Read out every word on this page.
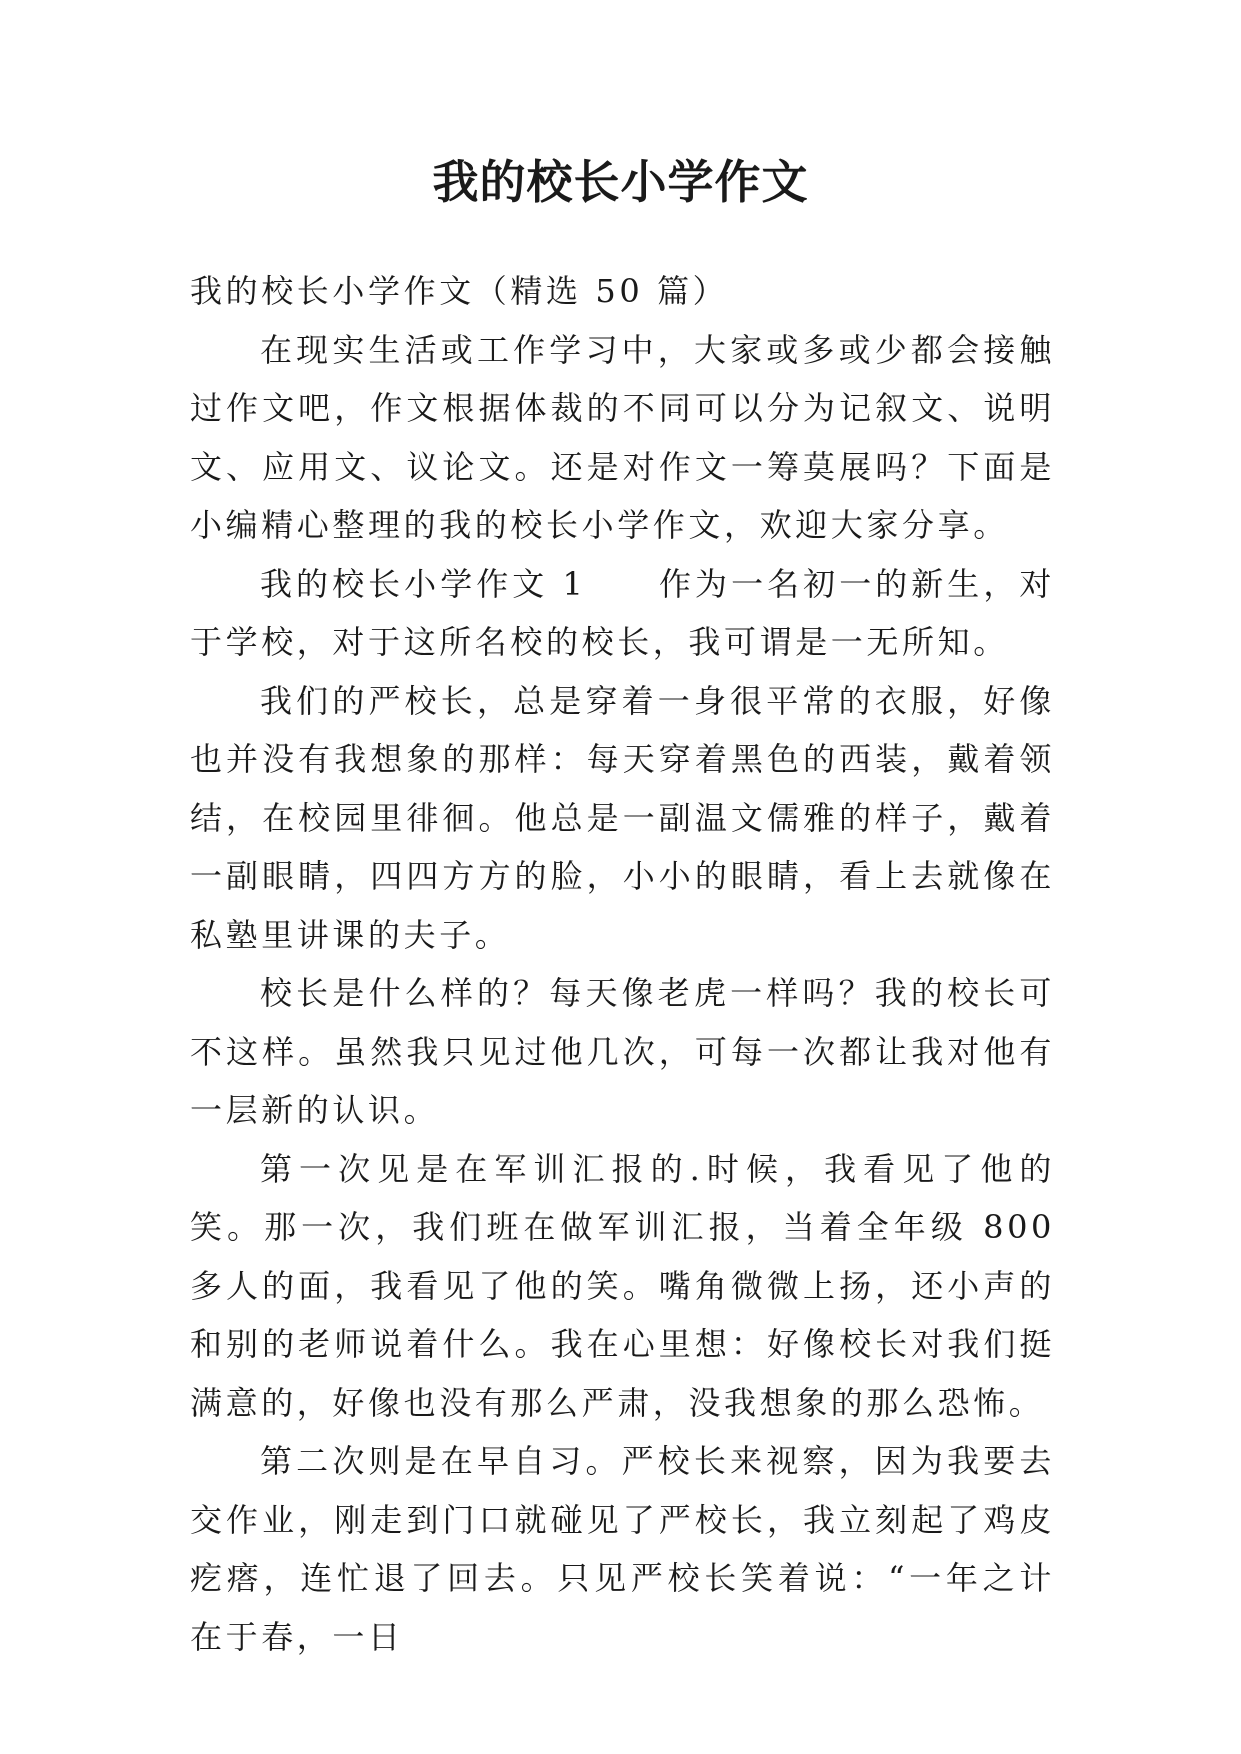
我的校长小学作文

我的校长小学作文（精选 50 篇）

在现实生活或工作学习中，大家或多或少都会接触过作文吧，作文根据体裁的不同可以分为记叙文、说明文、应用文、议论文。还是对作文一筹莫展吗？下面是小编精心整理的我的校长小学作文，欢迎大家分享。

我的校长小学作文 1　　作为一名初一的新生，对于学校，对于这所名校的校长，我可谓是一无所知。

我们的严校长，总是穿着一身很平常的衣服，好像也并没有我想象的那样：每天穿着黑色的西装，戴着领结，在校园里徘徊。他总是一副温文儒雅的样子，戴着一副眼睛，四四方方的脸，小小的眼睛，看上去就像在私塾里讲课的夫子。

校长是什么样的？每天像老虎一样吗？我的校长可不这样。虽然我只见过他几次，可每一次都让我对他有一层新的认识。

第一次见是在军训汇报的.时候，我看见了他的笑。那一次，我们班在做军训汇报，当着全年级 800 多人的面，我看见了他的笑。嘴角微微上扬，还小声的和别的老师说着什么。我在心里想：好像校长对我们挺满意的，好像也没有那么严肃，没我想象的那么恐怖。

第二次则是在早自习。严校长来视察，因为我要去交作业，刚走到门口就碰见了严校长，我立刻起了鸡皮疙瘩，连忙退了回去。只见严校长笑着说：“一年之计在于春，一日
